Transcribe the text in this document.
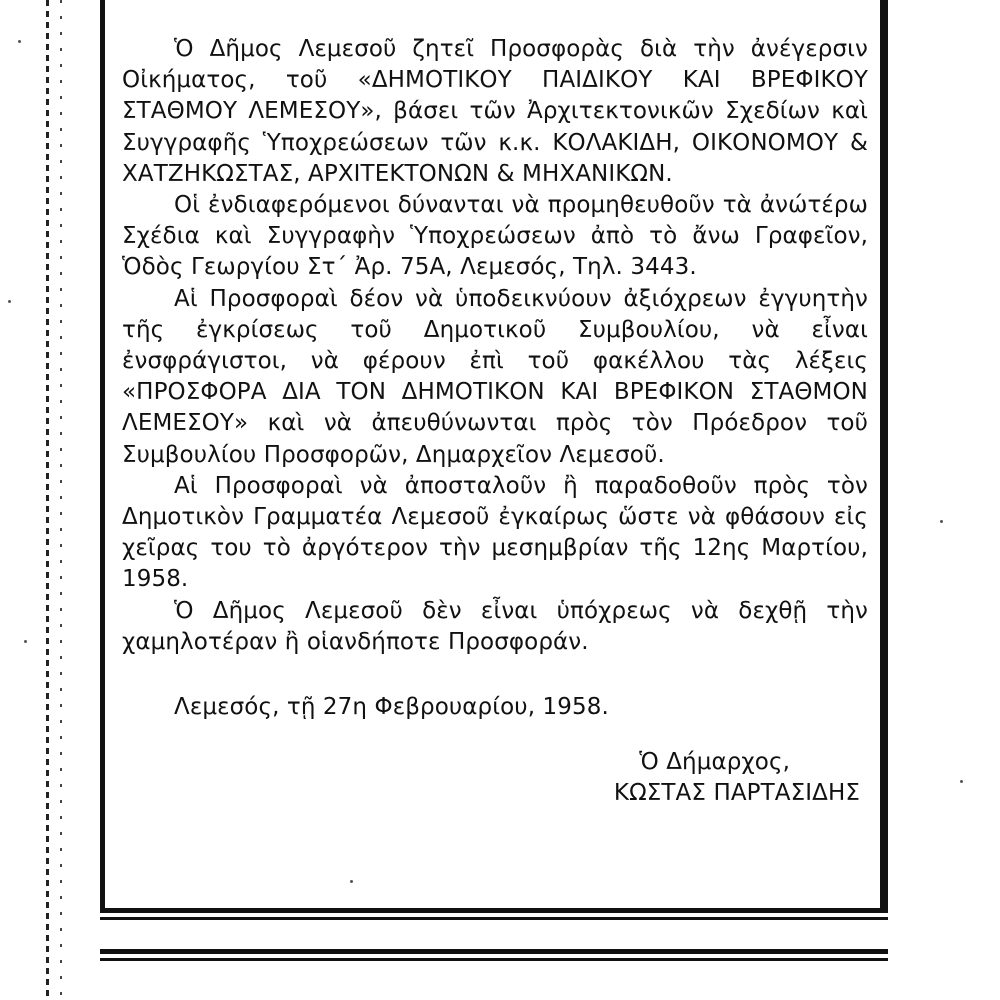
Ὁ Δῆμος Λεμεσοῦ ζητεῖ Προσφορὰς διὰ τὴν ἀνέγερσιν Οἰκήματος, τοῦ «ΔΗΜΟΤΙΚΟΥ ΠΑΙΔΙΚΟΥ ΚΑΙ ΒΡΕΦΙΚΟΥ ΣΤΑΘΜΟΥ ΛΕΜΕΣΟΥ», βάσει τῶν Ἀρχιτεκτονικῶν Σχεδίων καὶ Συγγραφῆς Ὑποχρεώσεων τῶν κ.κ. ΚΟΛΑΚΙΔΗ, ΟΙΚΟΝΟΜΟΥ & ΧΑΤΖΗΚΩΣΤΑΣ, ΑΡΧΙΤΕΚΤΟΝΩΝ & ΜΗΧΑΝΙΚΩΝ.

Οἱ ἐνδιαφερόμενοι δύνανται νὰ προμηθευθοῦν τὰ ἀνώτέρω Σχέδια καὶ Συγγραφὴν Ὑποχρεώσεων ἀπὸ τὸ ἄνω Γραφεῖον, Ὁδὸς Γεωργίου Στ΄ Ἀρ. 75Α, Λεμεσός, Τηλ. 3443.

Αἱ Προσφοραὶ δέον νὰ ὑποδεικνύουν ἀξιόχρεων ἐγγυητὴν τῆς ἐγκρίσεως τοῦ Δημοτικοῦ Συμβουλίου, νὰ εἶναι ἐνσφράγιστοι, νὰ φέρουν ἐπὶ τοῦ φακέλλου τὰς λέξεις «ΠΡΟΣΦΟΡΑ ΔΙΑ ΤΟΝ ΔΗΜΟΤΙΚΟΝ ΚΑΙ ΒΡΕΦΙΚΟΝ ΣΤΑΘΜΟΝ ΛΕΜΕΣΟΥ» καὶ νὰ ἀπευθύνωνται πρὸς τὸν Πρόεδρον τοῦ Συμβουλίου Προσφορῶν, Δημαρχεῖον Λεμεσοῦ.

Αἱ Προσφοραὶ νὰ ἀποσταλοῦν ἢ παραδοθοῦν πρὸς τὸν Δημοτικὸν Γραμματέα Λεμεσοῦ ἐγκαίρως ὥστε νὰ φθάσουν εἰς χεῖρας του τὸ ἀργότερον τὴν μεσημβρίαν τῆς 12ης Μαρτίου, 1958.

Ὁ Δῆμος Λεμεσοῦ δὲν εἶναι ὑπόχρεως νὰ δεχθῇ τὴν χαμηλοτέραν ἢ οἱανδήποτε Προσφοράν.

Λεμεσός, τῇ 27η Φεβρουαρίου, 1958.

Ὁ Δήμαρχος,
ΚΩΣΤΑΣ ΠΑΡΤΑΣΙΔΗΣ
